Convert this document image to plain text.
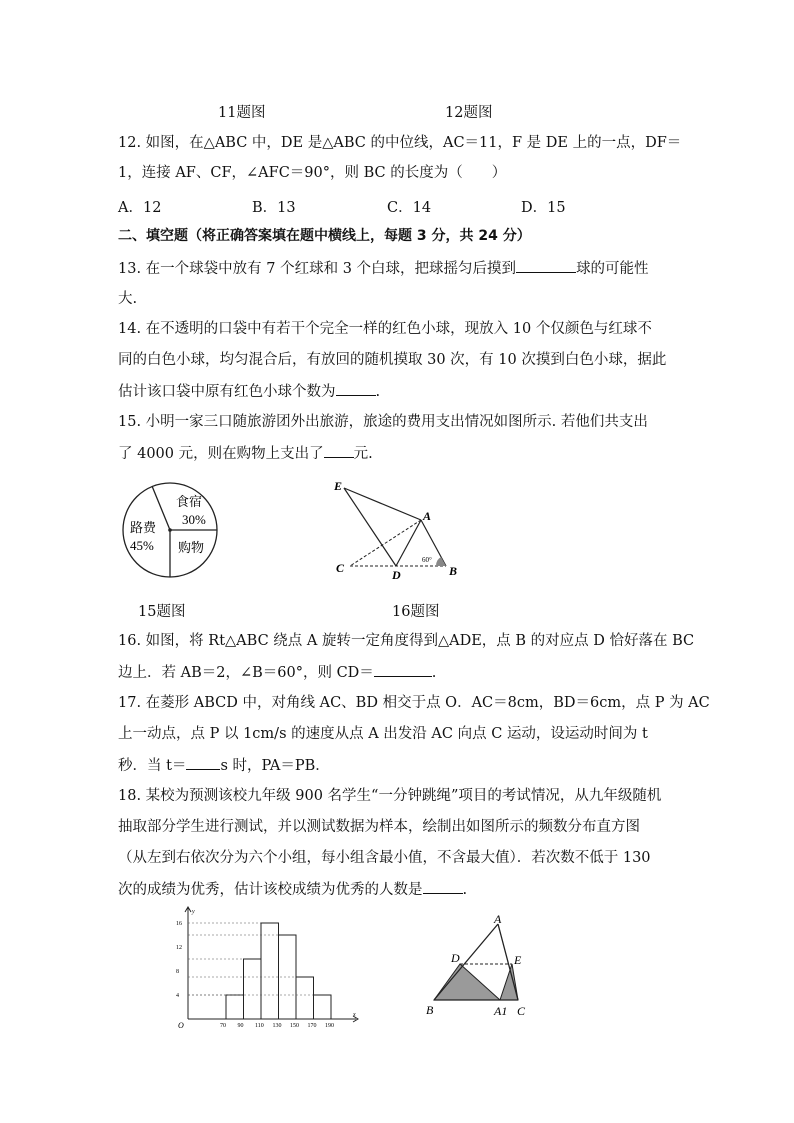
11题图	12题图
12. 如图，在△ABC 中，DE 是△ABC 的中位线，AC＝11，F 是 DE 上的一点，DF＝
1，连接 AF、CF，∠AFC＝90°，则 BC 的长度为（　　）
A．12	B．13	C．14	D．15
二、填空题（将正确答案填在题中横线上，每题 3 分，共 24 分）
13. 在一个球袋中放有 7 个红球和 3 个白球，把球摇匀后摸到	球的可能性
大.
14. 在不透明的口袋中有若干个完全一样的红色小球，现放入 10 个仅颜色与红球不
同的白色小球，均匀混合后，有放回的随机摸取 30 次，有 10 次摸到白色小球，据此
估计该口袋中原有红色小球个数为	.
15. 小明一家三口随旅游团外出旅游，旅途的费用支出情况如图所示. 若他们共支出
了 4000 元，则在购物上支出了 元.
食宿
30%
路费
45% 购物
E
A
C	D	B
60°
15题图	16题图
16. 如图，将 Rt△ABC 绕点 A 旋转一定角度得到△ADE，点 B 的对应点 D 恰好落在 BC
边上．若 AB＝2，∠B＝60°，则 CD＝	.
17. 在菱形 ABCD 中，对角线 AC、BD 相交于点 O．AC＝8cm，BD＝6cm，点 P 为 AC
上一动点，点 P 以 1cm/s 的速度从点 A 出发沿 AC 向点 C 运动，设运动时间为 t
秒．当 t＝ s 时，PA＝PB．
18. 某校为预测该校九年级 900 名学生“一分钟跳绳”项目的考试情况，从九年级随机
抽取部分学生进行测试，并以测试数据为样本，绘制出如图所示的频数分布直方图
（从左到右依次分为六个小组，每小组含最小值，不含最大值）．若次数不低于 130
次的成绩为优秀，估计该校成绩为优秀的人数是	.
x
y
O
4
8
12
16
70 90 110 130 150 170 190
A
D	E
B	A1 C
